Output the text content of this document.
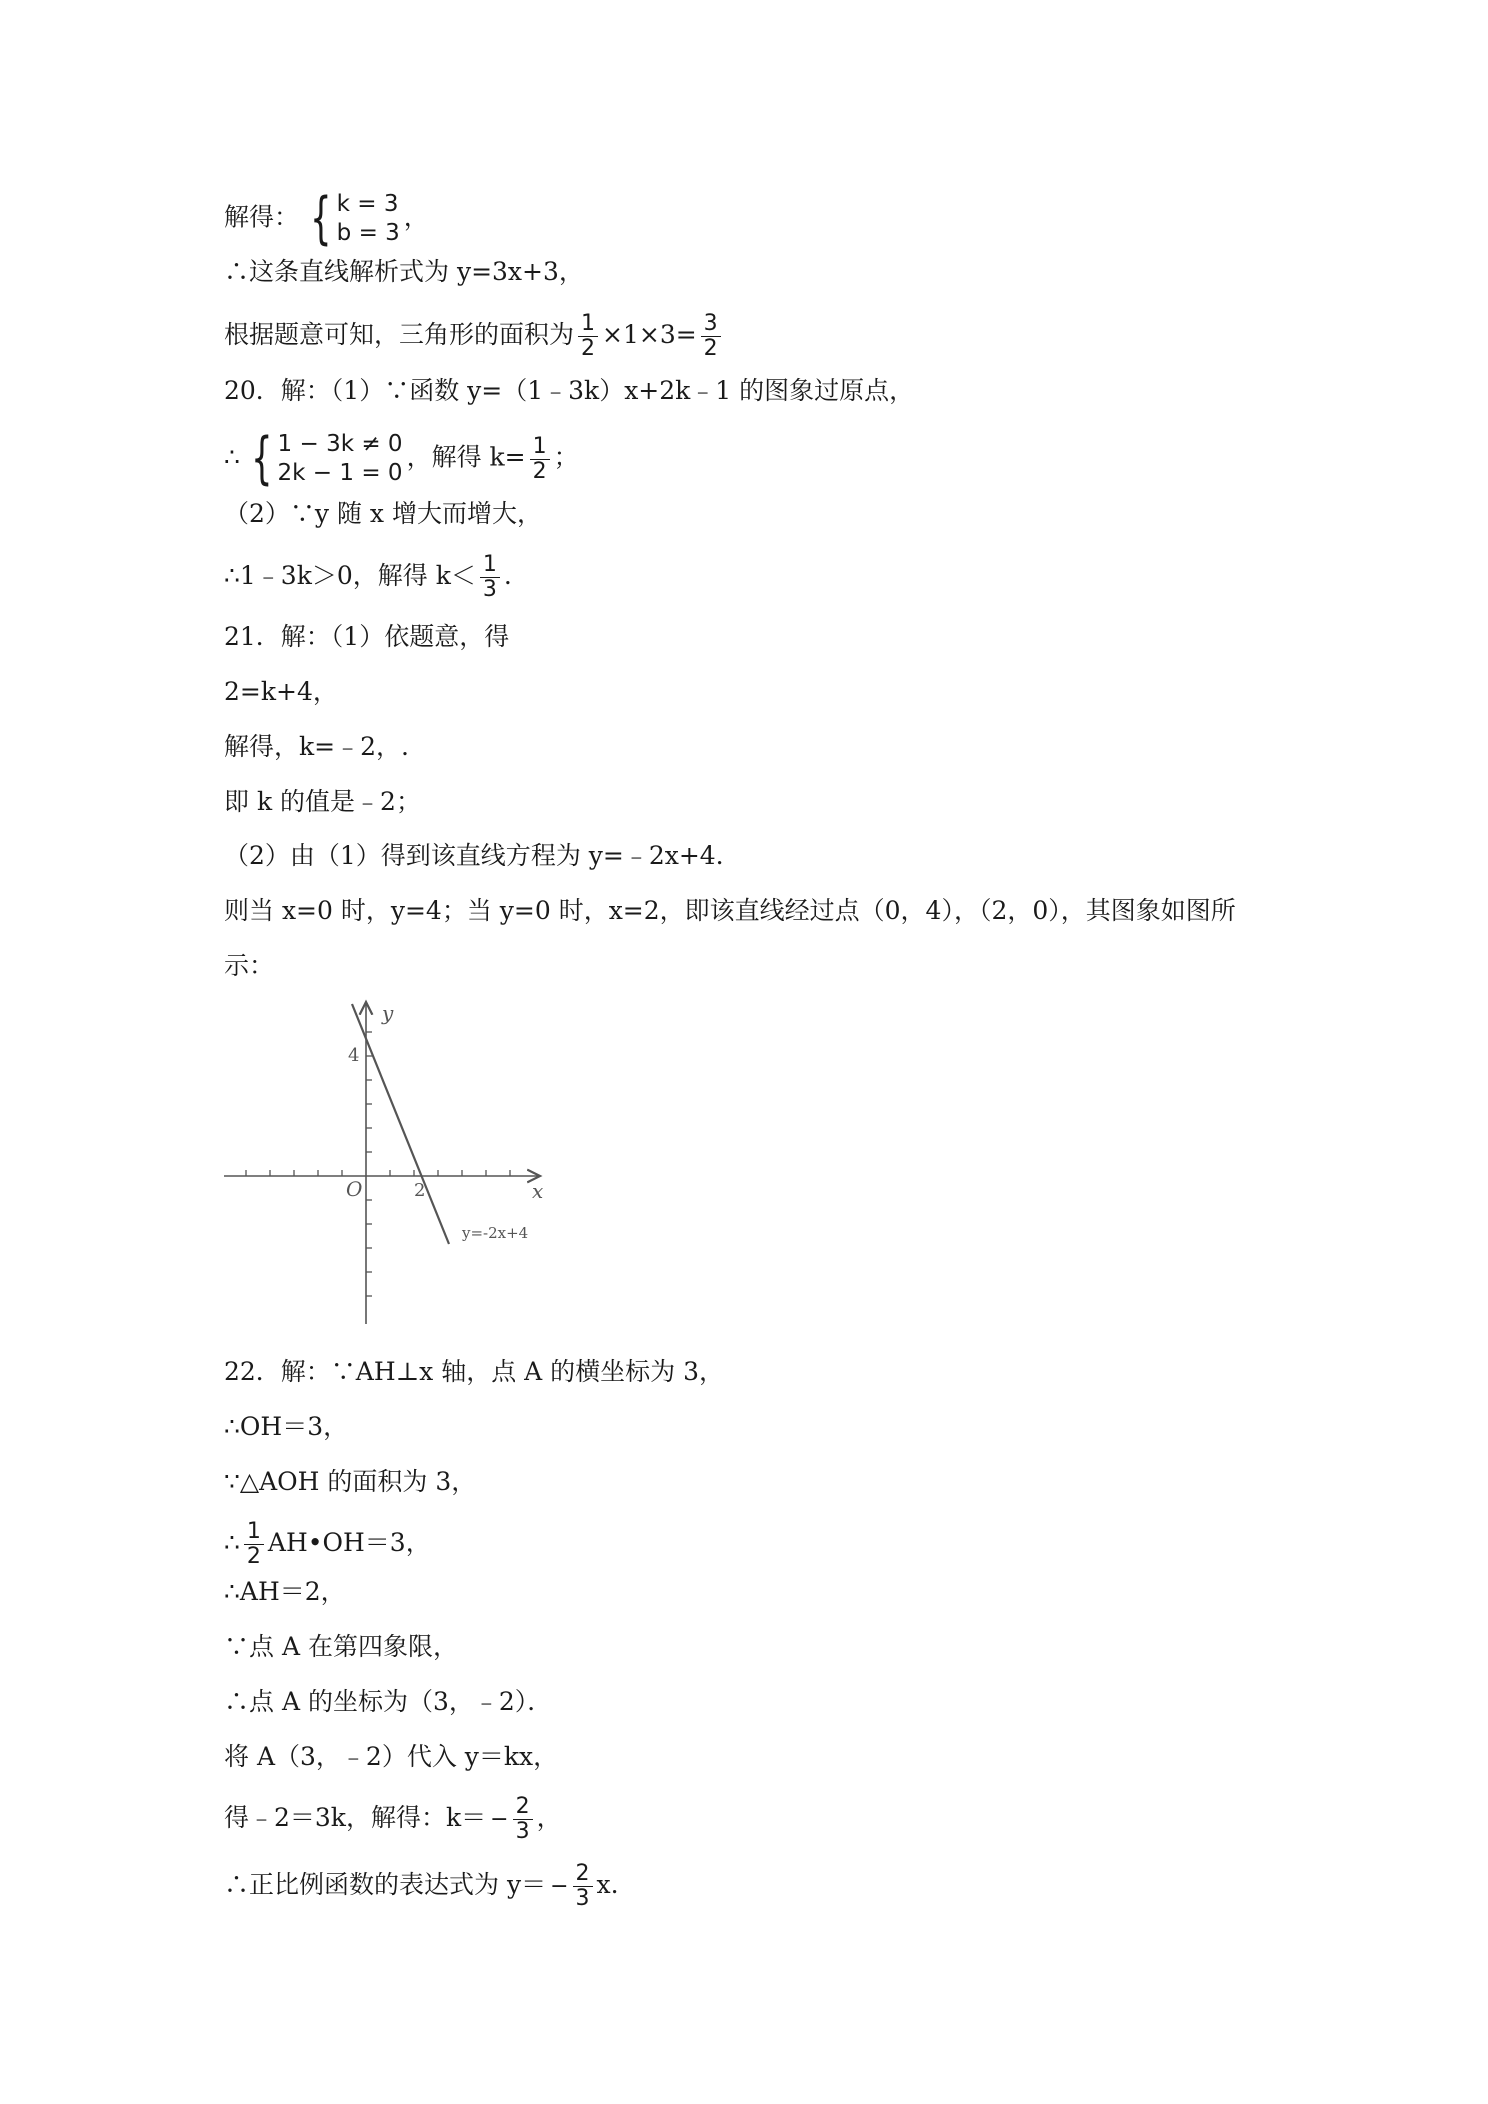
解得： { k = 3
b = 3
，
∴这条直线解析式为 y=3x+3，
根据题意可知，三角形的面积为 $\frac{1}{2} \times 1\times 3= \frac{3}{2}$
20．解：（1）∵函数 y=（1﹣3k）x+2k﹣1 的图象过原点，
∴ { 1 − 3k ≠ 0
2k − 1 = 0
，解得 $k= \frac{1}{2}$ ；
（2）∵y 随 x 增大而增大，
∴1﹣3k＞0，解得 $k< \frac{1}{3}$ .
21．解：（1）依题意，得
2=k+4，
解得，k=﹣2，.
即 k 的值是﹣2；
（2）由（1）得到该直线方程为 y=﹣2x+4．
则当 x=0 时，y=4；当 y=0 时，x=2，即该直线经过点（0，4），（2，0），其图象如图所
示：
y
x
O
4
2
y=-2x+4
22．解：∵AH⊥x 轴，点 A 的横坐标为 3，
∴OH＝3，
∵△AOH 的面积为 3，
∴ $\frac{1}{2}$ AH•OH＝3，
∴AH＝2，
∵点 A 在第四象限，
∴点 A 的坐标为（3，﹣2）．
将 A（3，﹣2）代入 y＝kx，
得﹣2＝3k，解得：$k= - \frac{2}{3}$ ，
∴正比例函数的表达式为 $y= - \frac{2}{3} x$.
